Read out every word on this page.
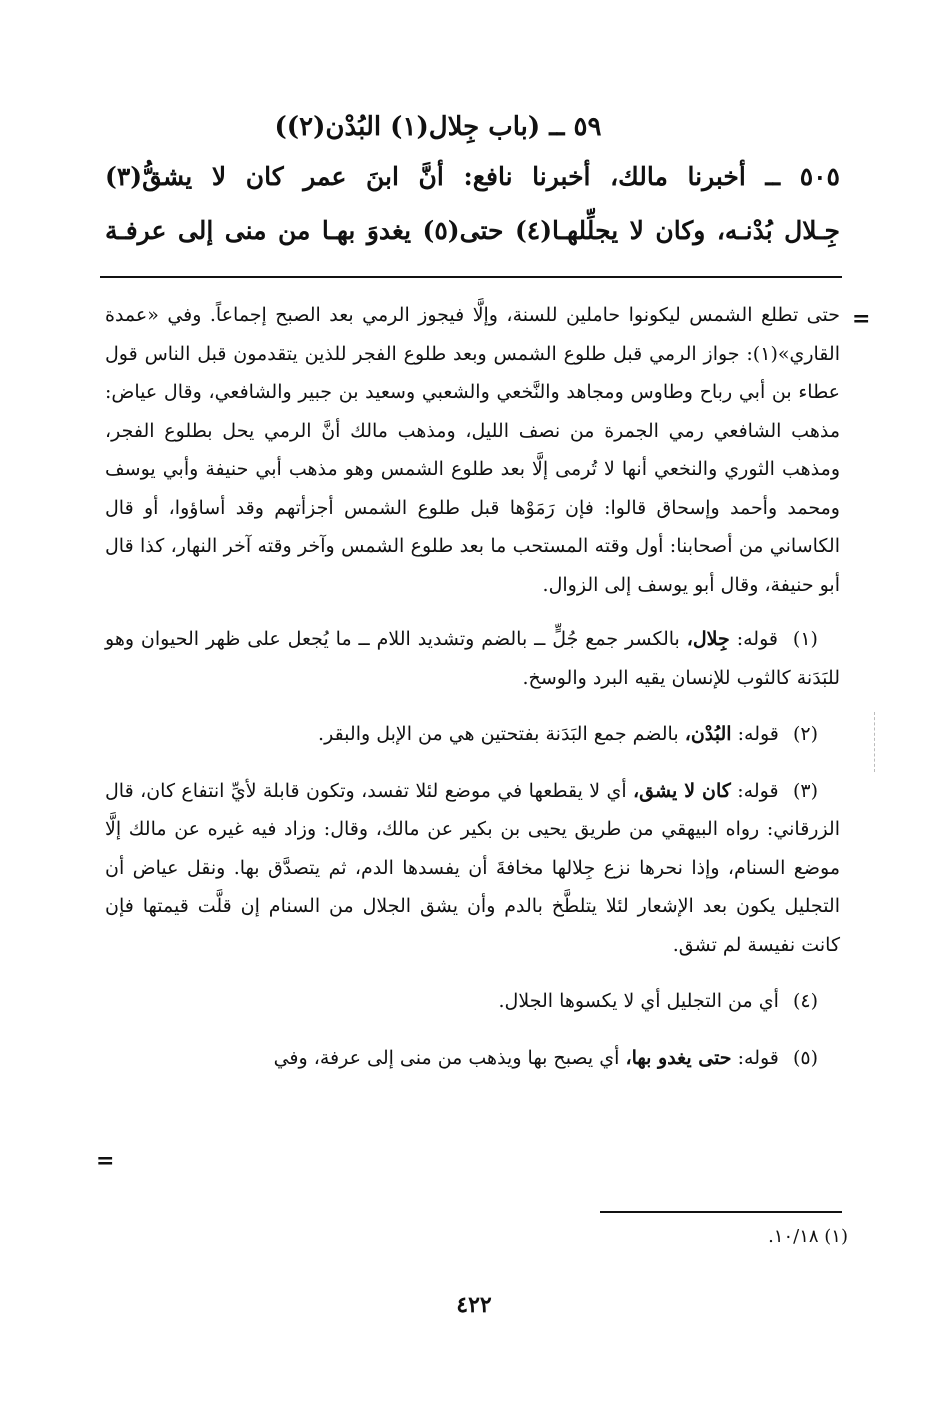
٥٩ ــ (باب جِلال(١) البُدْن(٢))
٥٠٥ ــ أخبرنا مالك، أخبرنا نافع: أنَّ ابنَ عمر كان لا يشقُّ(٣)
جِـلال بُدْنـه، وكان لا يجلِّلهـا(٤) حتى(٥) يغدوَ بهـا من منى إلى عرفـة
=

حتى تطلع الشمس ليكونوا حاملين للسنة، وإلَّا فيجوز الرمي بعد الصبح إجماعاً. وفي «عمدة القاري»(١): جواز الرمي قبل طلوع الشمس وبعد طلوع الفجر للذين يتقدمون قبل الناس قول عطاء بن أبي رباح وطاوس ومجاهد والنَّخعي والشعبي وسعيد بن جبير والشافعي، وقال عياض: مذهب الشافعي رمي الجمرة من نصف الليل، ومذهب مالك أنَّ الرمي يحل بطلوع الفجر، ومذهب الثوري والنخعي أنها لا تُرمى إلَّا بعد طلوع الشمس وهو مذهب أبي حنيفة وأبي يوسف ومحمد وأحمد وإسحاق قالوا: فإن رَمَوْها قبل طلوع الشمس أجزأتهم وقد أساؤوا، أو قال الكاساني من أصحابنا: أول وقته المستحب ما بعد طلوع الشمس وآخر وقته آخر النهار، كذا قال أبو حنيفة، وقال أبو يوسف إلى الزوال.

(١) قوله: جِلال، بالكسر جمع جُلٍّ ــ بالضم وتشديد اللام ــ ما يُجعل على ظهر الحيوان وهو للبَدَنة كالثوب للإنسان يقيه البرد والوسخ.

(٢) قوله: البُدْن، بالضم جمع البَدَنة بفتحتين هي من الإبل والبقر.

(٣) قوله: كان لا يشق، أي لا يقطعها في موضع لئلا تفسد، وتكون قابلة لأيِّ انتفاع كان، قال الزرقاني: رواه البيهقي من طريق يحيى بن بكير عن مالك، وقال: وزاد فيه غيره عن مالك إلَّا موضع السنام، وإذا نحرها نزع جِلالها مخافةَ أن يفسدها الدم، ثم يتصدَّق بها. ونقل عياض أن التجليل يكون بعد الإشعار لئلا يتلطَّخ بالدم وأن يشق الجلال من السنام إن قلَّت قيمتها فإن كانت نفيسة لم تشق.

(٤) أي من التجليل أي لا يكسوها الجلال.

(٥) قوله: حتى يغدو بها، أي يصبح بها ويذهب من منى إلى عرفة، وفي

=
(١) ١٠/١٨.
٤٢٢
